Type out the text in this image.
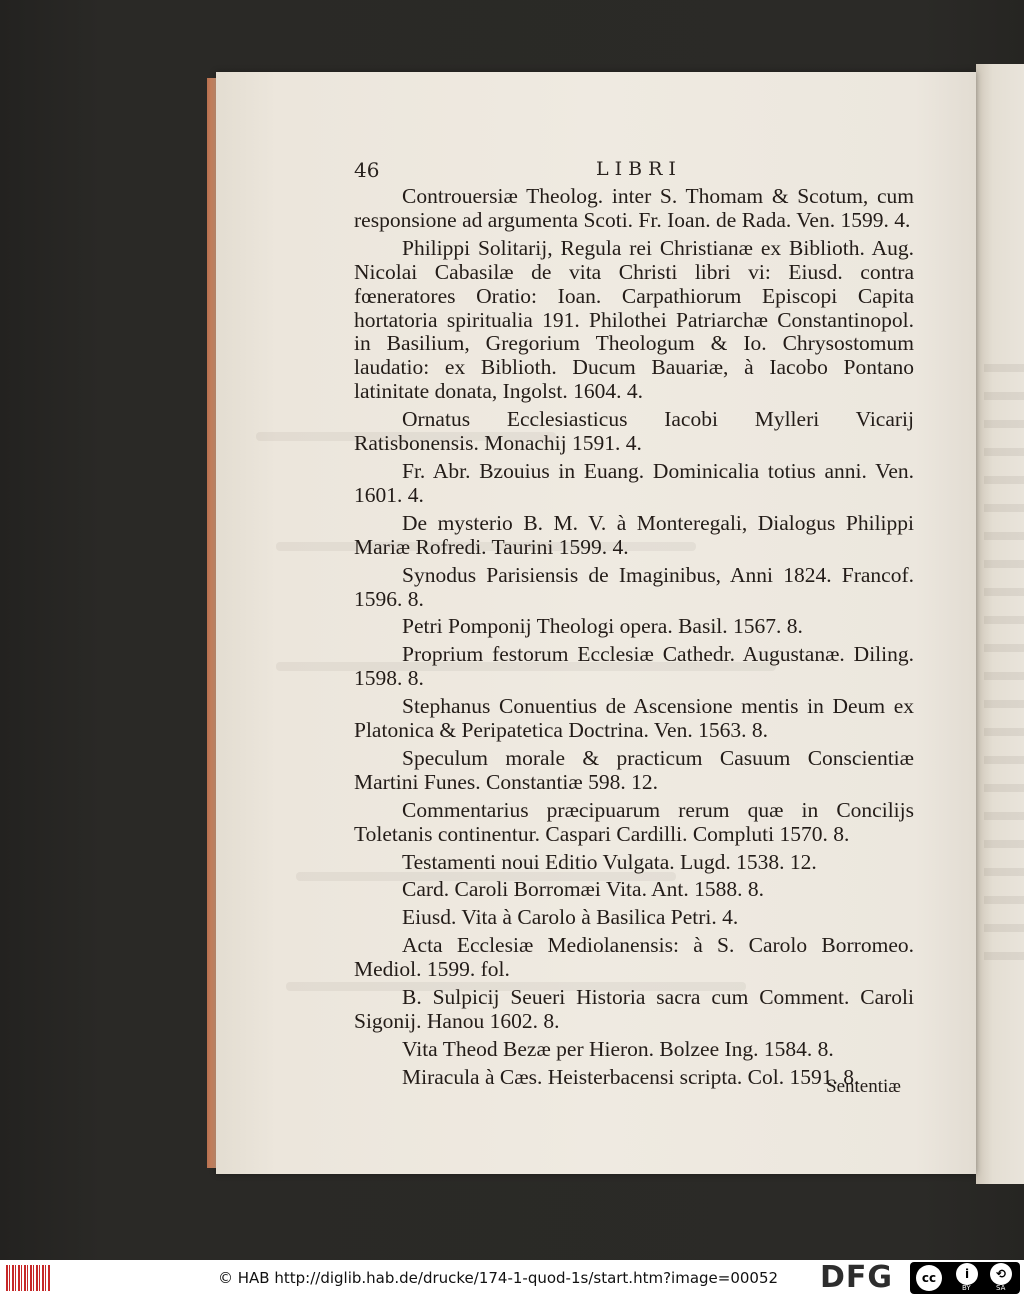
46	LIBRI

Controuersiæ Theolog. inter S. Thomam & Scotum, cum responsione ad argumenta Scoti. Fr. Ioan. de Rada. Ven. 1599. 4.

Philippi Solitarij, Regula rei Christianæ ex Biblioth. Aug. Nicolai Cabasilæ de vita Christi libri vi: Eiusd. contra fœneratores Oratio: Ioan. Carpathiorum Episcopi Capita hortatoria spiritualia 191. Philothei Patriarchæ Constantinopol. in Basilium, Gregorium Theologum & Io. Chrysostomum laudatio: ex Biblioth. Ducum Bauariæ, à Iacobo Pontano latinitate donata, Ingolst. 1604. 4.

Ornatus Ecclesiasticus Iacobi Mylleri Vicarij Ratisbonensis. Monachij 1591. 4.

Fr. Abr. Bzouius in Euang. Dominicalia totius anni. Ven. 1601. 4.

De mysterio B. M. V. à Monteregali, Dialogus Philippi Mariæ Rofredi. Taurini 1599. 4.

Synodus Parisiensis de Imaginibus, Anni 1824. Francof. 1596. 8.

Petri Pomponij Theologi opera. Basil. 1567. 8.

Proprium festorum Ecclesiæ Cathedr. Augustanæ. Diling. 1598. 8.

Stephanus Conuentius de Ascensione mentis in Deum ex Platonica & Peripatetica Doctrina. Ven. 1563. 8.

Speculum morale & practicum Casuum Conscientiæ Martini Funes. Constantiæ 598. 12.

Commentarius præcipuarum rerum quæ in Concilijs Toletanis continentur. Caspari Cardilli. Compluti 1570. 8.

Testamenti noui Editio Vulgata. Lugd. 1538. 12.

Card. Caroli Borromæi Vita. Ant. 1588. 8.

Eiusd. Vita à Carolo à Basilica Petri. 4.

Acta Ecclesiæ Mediolanensis: à S. Carolo Borromeo. Mediol. 1599. fol.

B. Sulpicij Seueri Historia sacra cum Comment. Caroli Sigonij. Hanou 1602. 8.

Vita Theod Bezæ per Hieron. Bolzee Ing. 1584. 8.

Miracula à Cæs. Heisterbacensi scripta. Col. 1591. 8.

Sententiæ
© HAB http://diglib.hab.de/drucke/174-1-quod-1s/start.htm?image=00052 DFG	cc	i	⟲
BY	SA
